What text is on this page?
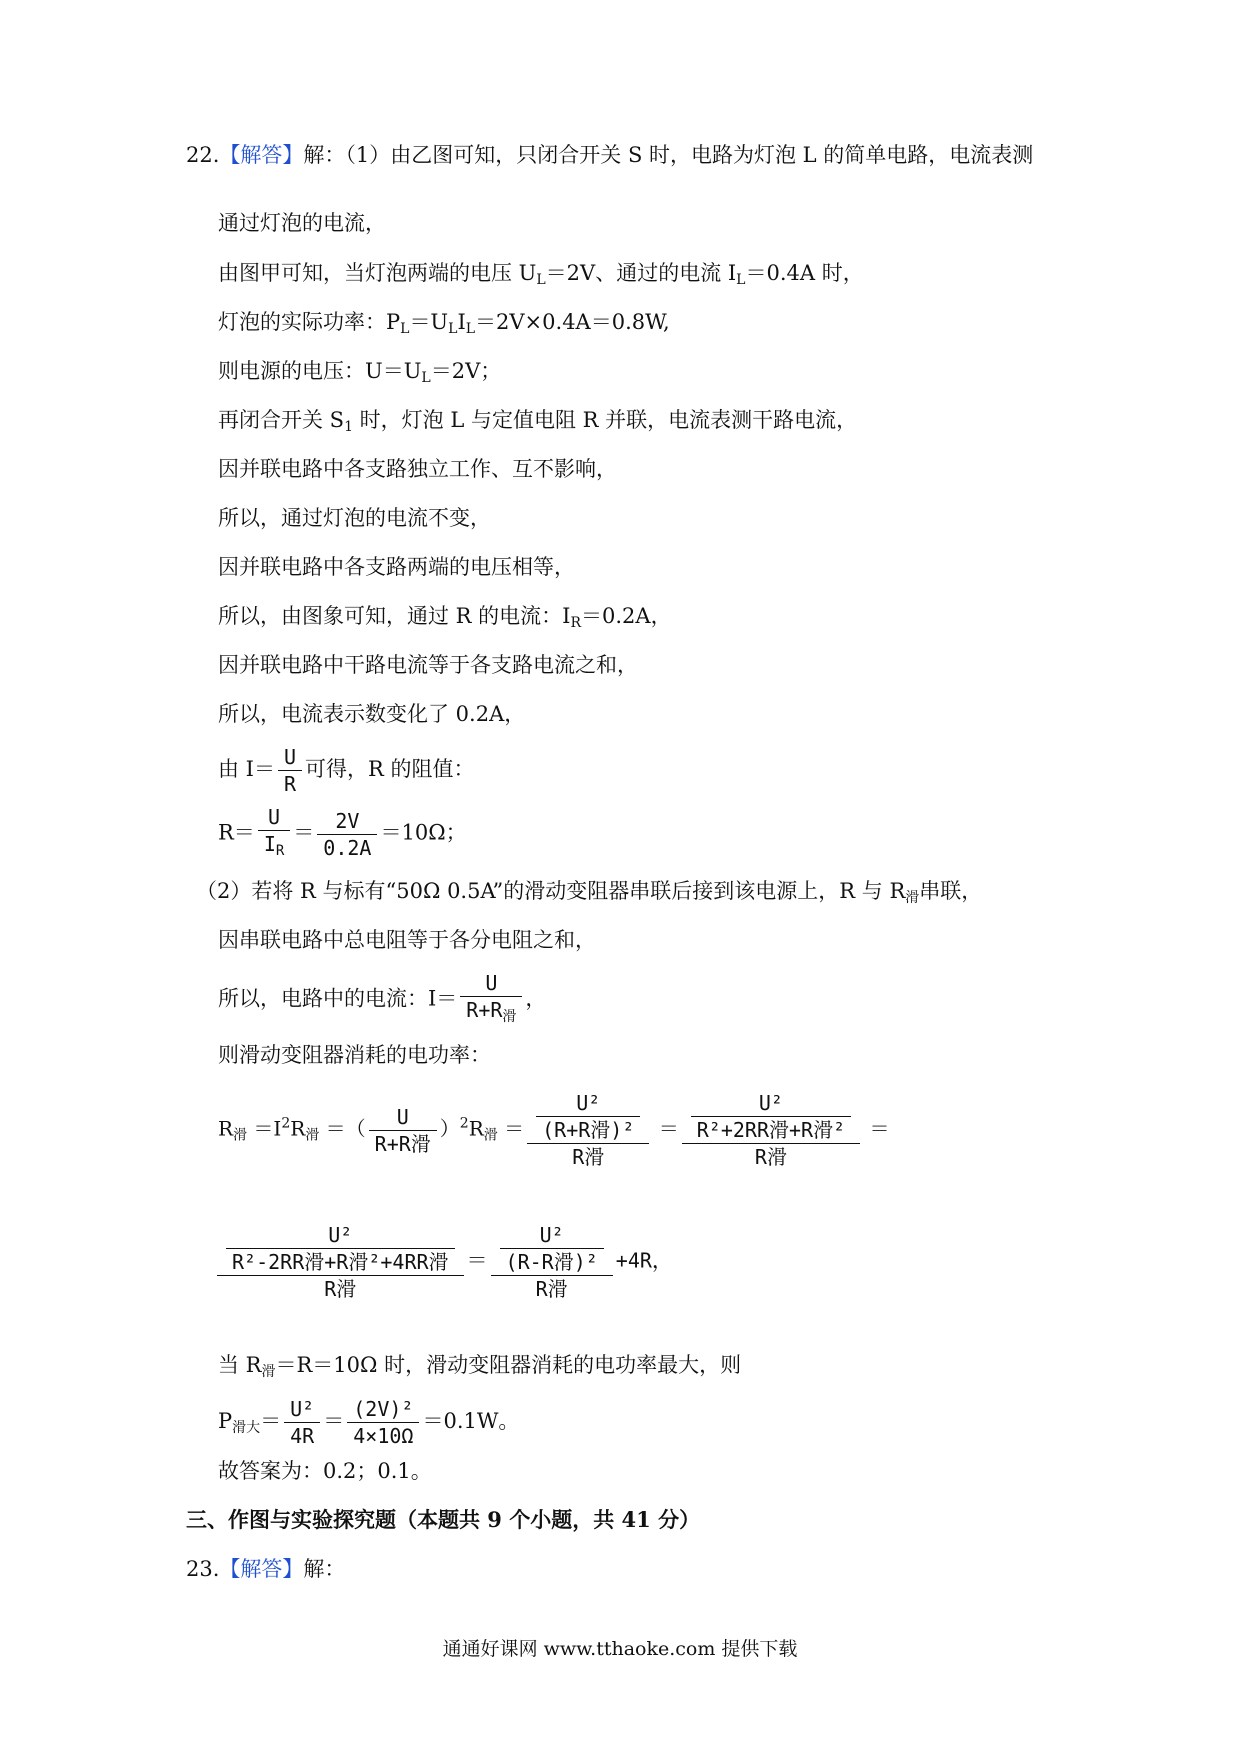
22.【解答】解：（1）由乙图可知，只闭合开关 S 时，电路为灯泡 L 的简单电路，电流表测
通过灯泡的电流，
由图甲可知，当灯泡两端的电压 $U_L=2V$、通过的电流 $I_L=0.4A$ 时，
灯泡的实际功率：$P_L=U_LI_L=2V\times 0.4A=0.8W$,
则电源的电压：$U=U_L=2V$；
再闭合开关 $S_1$ 时，灯泡 L 与定值电阻 R 并联，电流表测干路电流，
因并联电路中各支路独立工作、互不影响，
所以，通过灯泡的电流不变，
因并联电路中各支路两端的电压相等，
所以，由图象可知，通过 R 的电流：$I_R=0.2A$，
因并联电路中干路电流等于各支路电流之和，
所以，电流表示数变化了 0.2A，
由 $I= \frac{U}{R}$ 可得，R 的阻值：
$R= \frac{U}{I_R} = \frac{2V}{0.2A} =10\Omega$；
（2）若将 R 与标有“50Ω 0.5A”的滑动变阻器串联后接到该电源上，R 与 $R_滑$串联，
因串联电路中总电阻等于各分电阻之和，
所以，电路中的电流：$I= \frac{U}{R+R_滑}$ ，
则滑动变阻器消耗的电功率：
$R_滑 =I^2R_滑$ ＝（ $\frac{U}{\text{R+R滑}} )^2R_滑 = \frac{\frac{\text{U²}}{\text{(R+R滑)²}}}{\text{R滑}} = \frac{\frac{\text{U²}}{\text{R²+2RR滑+R滑²}}}{\text{R滑}}$ ＝
$\frac{\frac{\text{U²}}{\text{R²-2RR滑+R滑²+4RR滑}}}{\text{R滑}} = \frac{\frac{\text{U²}}{\text{(R-R滑)²}}}{\text{R滑}} +4R$，
当 $R_滑=R=10\Omega$ 时，滑动变阻器消耗的电功率最大，则
$P_{滑大}= \frac{\text{U²}}{4R} = \frac{\text{(2V)²}}{4\times 10\Omega} =0.1W$。
故答案为：0.2；0.1。
三、作图与实验探究题（本题共 9 个小题，共 41 分）
23.【解答】解：
通通好课网 www.tthaoke.com 提供下载
